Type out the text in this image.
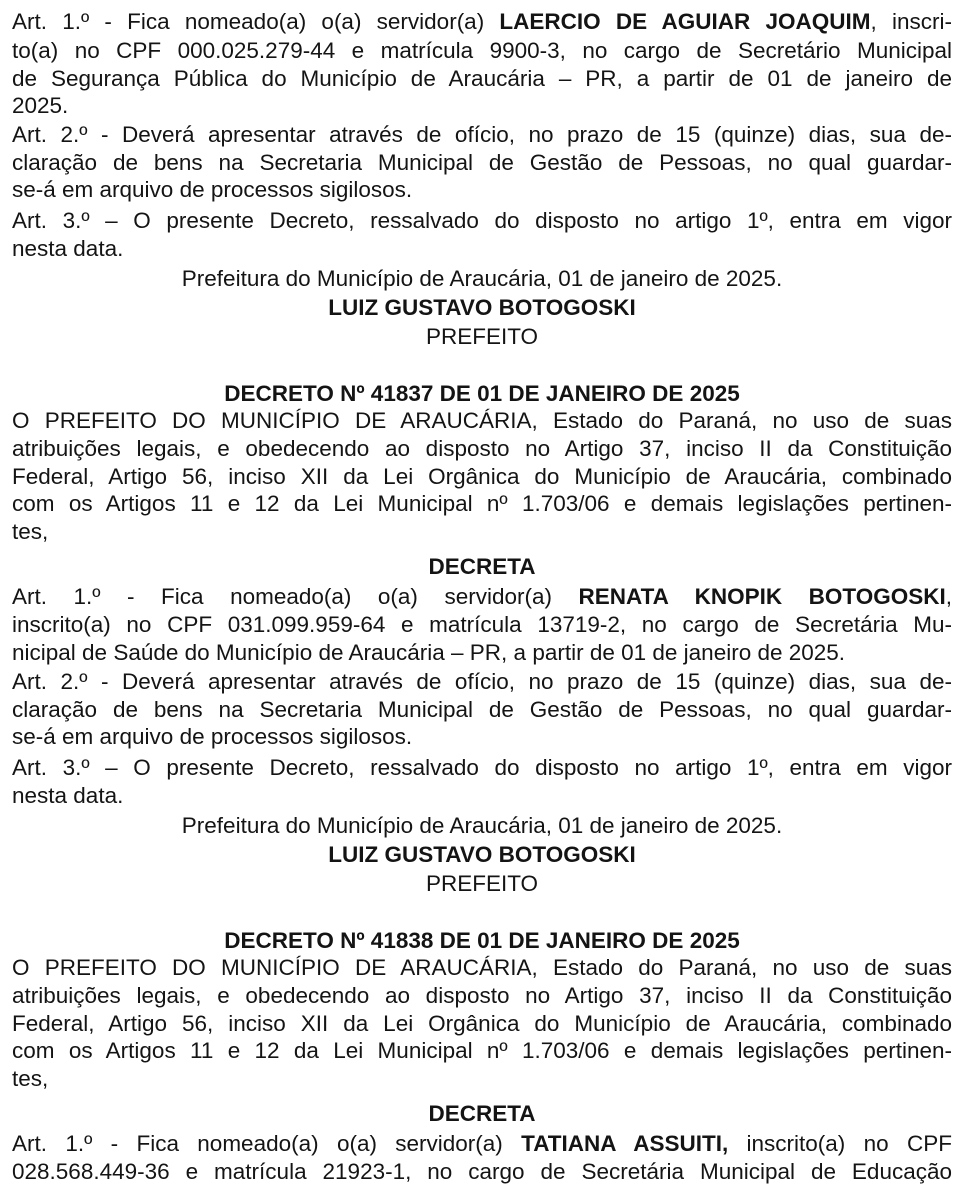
Art. 1.º - Fica nomeado(a) o(a) servidor(a) LAERCIO DE AGUIAR JOAQUIM, inscri-
to(a) no CPF 000.025.279-44 e matrícula 9900-3, no cargo de Secretário Municipal
de Segurança Pública do Município de Araucária – PR, a partir de 01 de janeiro de
2025.
Art. 2.º - Deverá apresentar através de ofício, no prazo de 15 (quinze) dias, sua de-
claração de bens na Secretaria Municipal de Gestão de Pessoas, no qual guardar-
se-á em arquivo de processos sigilosos.
Art. 3.º – O presente Decreto, ressalvado do disposto no artigo 1º, entra em vigor
nesta data.
Prefeitura do Município de Araucária, 01 de janeiro de 2025.
LUIZ GUSTAVO BOTOGOSKI
PREFEITO
DECRETO Nº 41837 DE 01 DE JANEIRO DE 2025
O PREFEITO DO MUNICÍPIO DE ARAUCÁRIA, Estado do Paraná, no uso de suas
atribuições legais, e obedecendo ao disposto no Artigo 37, inciso II da Constituição
Federal, Artigo 56, inciso XII da Lei Orgânica do Município de Araucária, combinado
com os Artigos 11 e 12 da Lei Municipal nº 1.703/06 e demais legislações pertinen-
tes,
DECRETA
Art. 1.º - Fica nomeado(a) o(a) servidor(a) RENATA KNOPIK BOTOGOSKI,
inscrito(a) no CPF 031.099.959-64 e matrícula 13719-2, no cargo de Secretária Mu-
nicipal de Saúde do Município de Araucária – PR, a partir de 01 de janeiro de 2025.
Art. 2.º - Deverá apresentar através de ofício, no prazo de 15 (quinze) dias, sua de-
claração de bens na Secretaria Municipal de Gestão de Pessoas, no qual guardar-
se-á em arquivo de processos sigilosos.
Art. 3.º – O presente Decreto, ressalvado do disposto no artigo 1º, entra em vigor
nesta data.
Prefeitura do Município de Araucária, 01 de janeiro de 2025.
LUIZ GUSTAVO BOTOGOSKI
PREFEITO
DECRETO Nº 41838 DE 01 DE JANEIRO DE 2025
O PREFEITO DO MUNICÍPIO DE ARAUCÁRIA, Estado do Paraná, no uso de suas
atribuições legais, e obedecendo ao disposto no Artigo 37, inciso II da Constituição
Federal, Artigo 56, inciso XII da Lei Orgânica do Município de Araucária, combinado
com os Artigos 11 e 12 da Lei Municipal nº 1.703/06 e demais legislações pertinen-
tes,
DECRETA
Art. 1.º - Fica nomeado(a) o(a) servidor(a) TATIANA ASSUITI, inscrito(a) no CPF
028.568.449-36 e matrícula 21923-1, no cargo de Secretária Municipal de Educação
